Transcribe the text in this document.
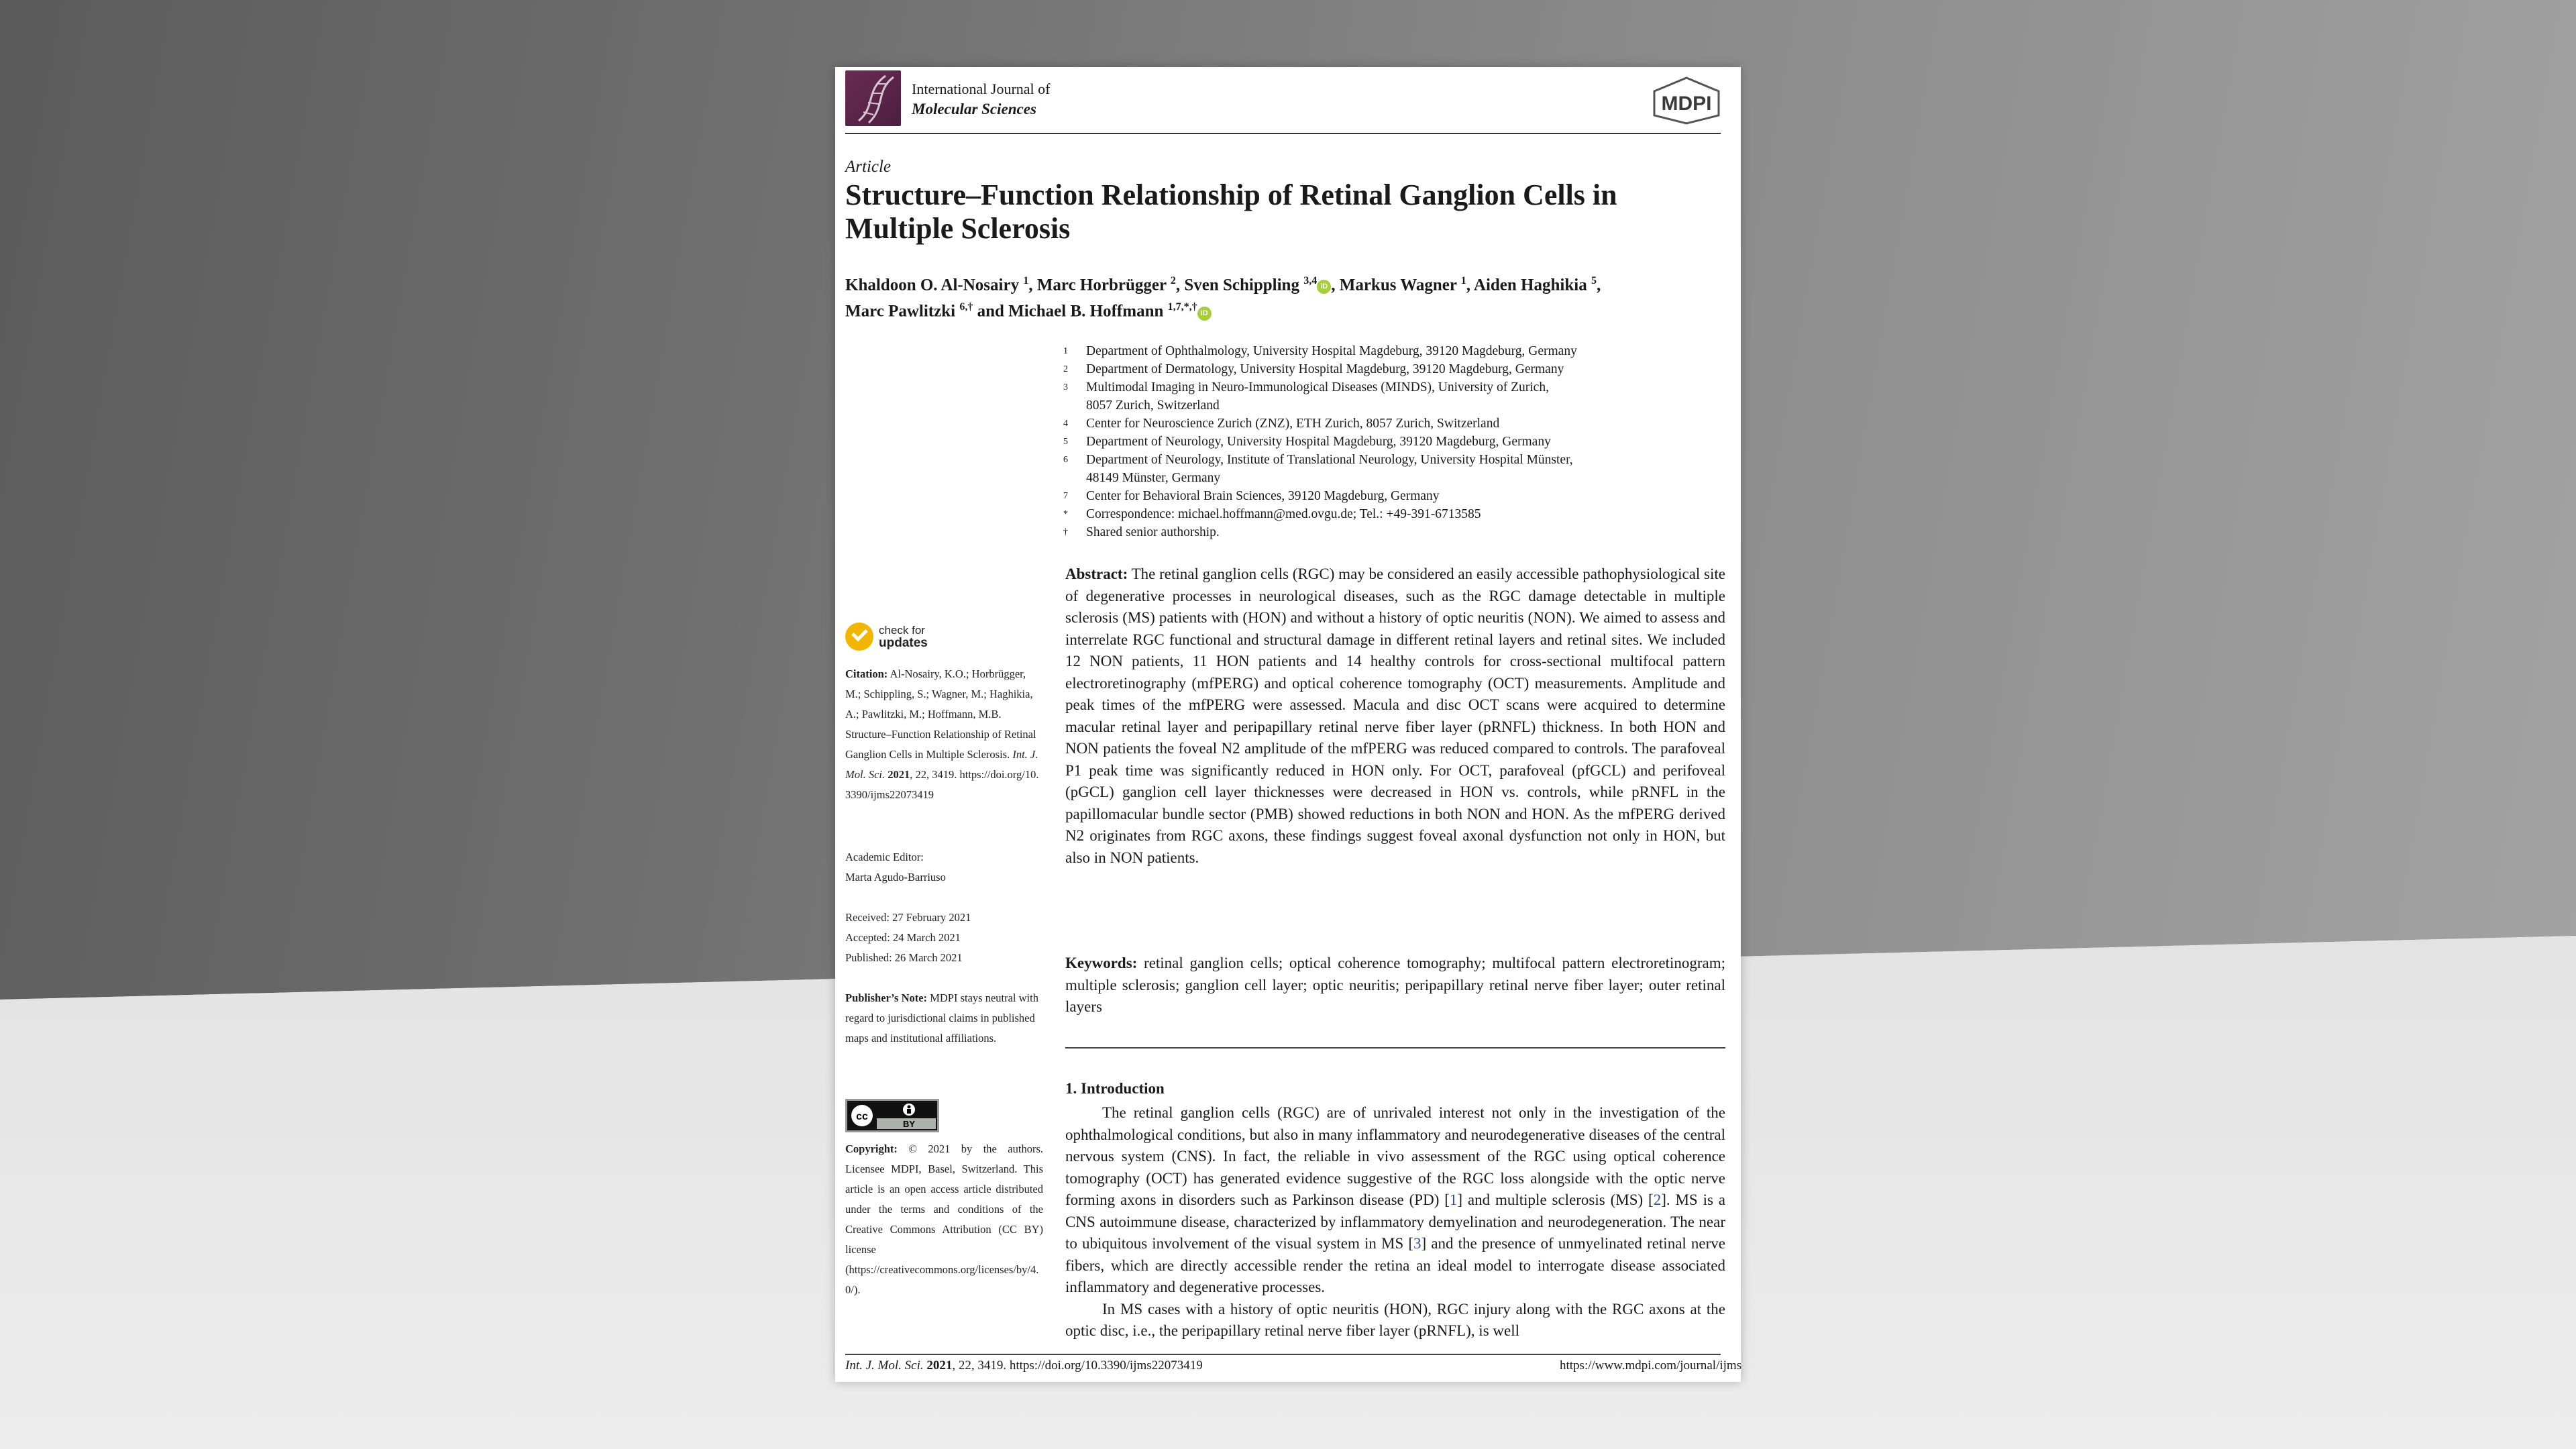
International Journal of
Molecular Sciences	MDPI
Article
Structure–Function Relationship of Retinal Ganglion Cells in Multiple Sclerosis
Khaldoon O. Al-Nosairy $^1$, Marc Horbrügger $^2$, Sven Schippling $^{3,4}$iD , Markus Wagner $^1$, Aiden Haghikia $^5$,
Marc Pawlitzki $^{6,\dagger}$ and Michael B. Hoffmann $^{1,7,*,\dagger}$iD
1	Department of Ophthalmology, University Hospital Magdeburg, 39120 Magdeburg, Germany
2	Department of Dermatology, University Hospital Magdeburg, 39120 Magdeburg, Germany
3	Multimodal Imaging in Neuro-Immunological Diseases (MINDS), University of Zurich,
8057 Zurich, Switzerland
4	Center for Neuroscience Zurich (ZNZ), ETH Zurich, 8057 Zurich, Switzerland
5	Department of Neurology, University Hospital Magdeburg, 39120 Magdeburg, Germany
6	Department of Neurology, Institute of Translational Neurology, University Hospital Münster,
48149 Münster, Germany
7	Center for Behavioral Brain Sciences, 39120 Magdeburg, Germany
*	Correspondence: michael.hoffmann@med.ovgu.de; Tel.: +49-391-6713585
†	Shared senior authorship.
check for
updates
Citation: Al-Nosairy, K.O.; Horbrügger, M.; Schippling, S.; Wagner, M.; Haghikia, A.; Pawlitzki, M.; Hoffmann, M.B. Structure–Function Relationship of Retinal Ganglion Cells in Multiple Sclerosis. Int. J. Mol. Sci. 2021, 22, 3419. https://doi.org/10.3390/ijms22073419
Academic Editor:
Marta Agudo-Barriuso
Received: 27 February 2021
Accepted: 24 March 2021
Published: 26 March 2021
Publisher’s Note: MDPI stays neutral with regard to jurisdictional claims in published maps and institutional affiliations.
cc
BY
Copyright: © 2021 by the authors. Licensee MDPI, Basel, Switzerland. This article is an open access article distributed under the terms and conditions of the Creative Commons Attribution (CC BY) license (https://creativecommons.org/licenses/by/4.0/).
Abstract: The retinal ganglion cells (RGC) may be considered an easily accessible pathophysiological site of degenerative processes in neurological diseases, such as the RGC damage detectable in multiple sclerosis (MS) patients with (HON) and without a history of optic neuritis (NON). We aimed to assess and interrelate RGC functional and structural damage in different retinal layers and retinal sites. We included 12 NON patients, 11 HON patients and 14 healthy controls for cross-sectional multifocal pattern electroretinography (mfPERG) and optical coherence tomography (OCT) measurements. Amplitude and peak times of the mfPERG were assessed. Macula and disc OCT scans were acquired to determine macular retinal layer and peripapillary retinal nerve fiber layer (pRNFL) thickness. In both HON and NON patients the foveal N2 amplitude of the mfPERG was reduced compared to controls. The parafoveal P1 peak time was significantly reduced in HON only. For OCT, parafoveal (pfGCL) and perifoveal (pGCL) ganglion cell layer thicknesses were decreased in HON vs. controls, while pRNFL in the papillomacular bundle sector (PMB) showed reductions in both NON and HON. As the mfPERG derived N2 originates from RGC axons, these findings suggest foveal axonal dysfunction not only in HON, but also in NON patients.
Keywords: retinal ganglion cells; optical coherence tomography; multifocal pattern electroretinogram; multiple sclerosis; ganglion cell layer; optic neuritis; peripapillary retinal nerve fiber layer; outer retinal layers
1. Introduction

The retinal ganglion cells (RGC) are of unrivaled interest not only in the investigation of the ophthalmological conditions, but also in many inflammatory and neurodegenerative diseases of the central nervous system (CNS). In fact, the reliable in vivo assessment of the RGC using optical coherence tomography (OCT) has generated evidence suggestive of the RGC loss alongside with the optic nerve forming axons in disorders such as Parkinson disease (PD) [1] and multiple sclerosis (MS) [2]. MS is a CNS autoimmune disease, characterized by inflammatory demyelination and neurodegeneration. The near to ubiquitous involvement of the visual system in MS [3] and the presence of unmyelinated retinal nerve fibers, which are directly accessible render the retina an ideal model to interrogate disease associated inflammatory and degenerative processes.

In MS cases with a history of optic neuritis (HON), RGC injury along with the RGC axons at the optic disc, i.e., the peripapillary retinal nerve fiber layer (pRNFL), is well

Int. J. Mol. Sci. 2021, 22, 3419. https://doi.org/10.3390/ijms22073419	https://www.mdpi.com/journal/ijms
